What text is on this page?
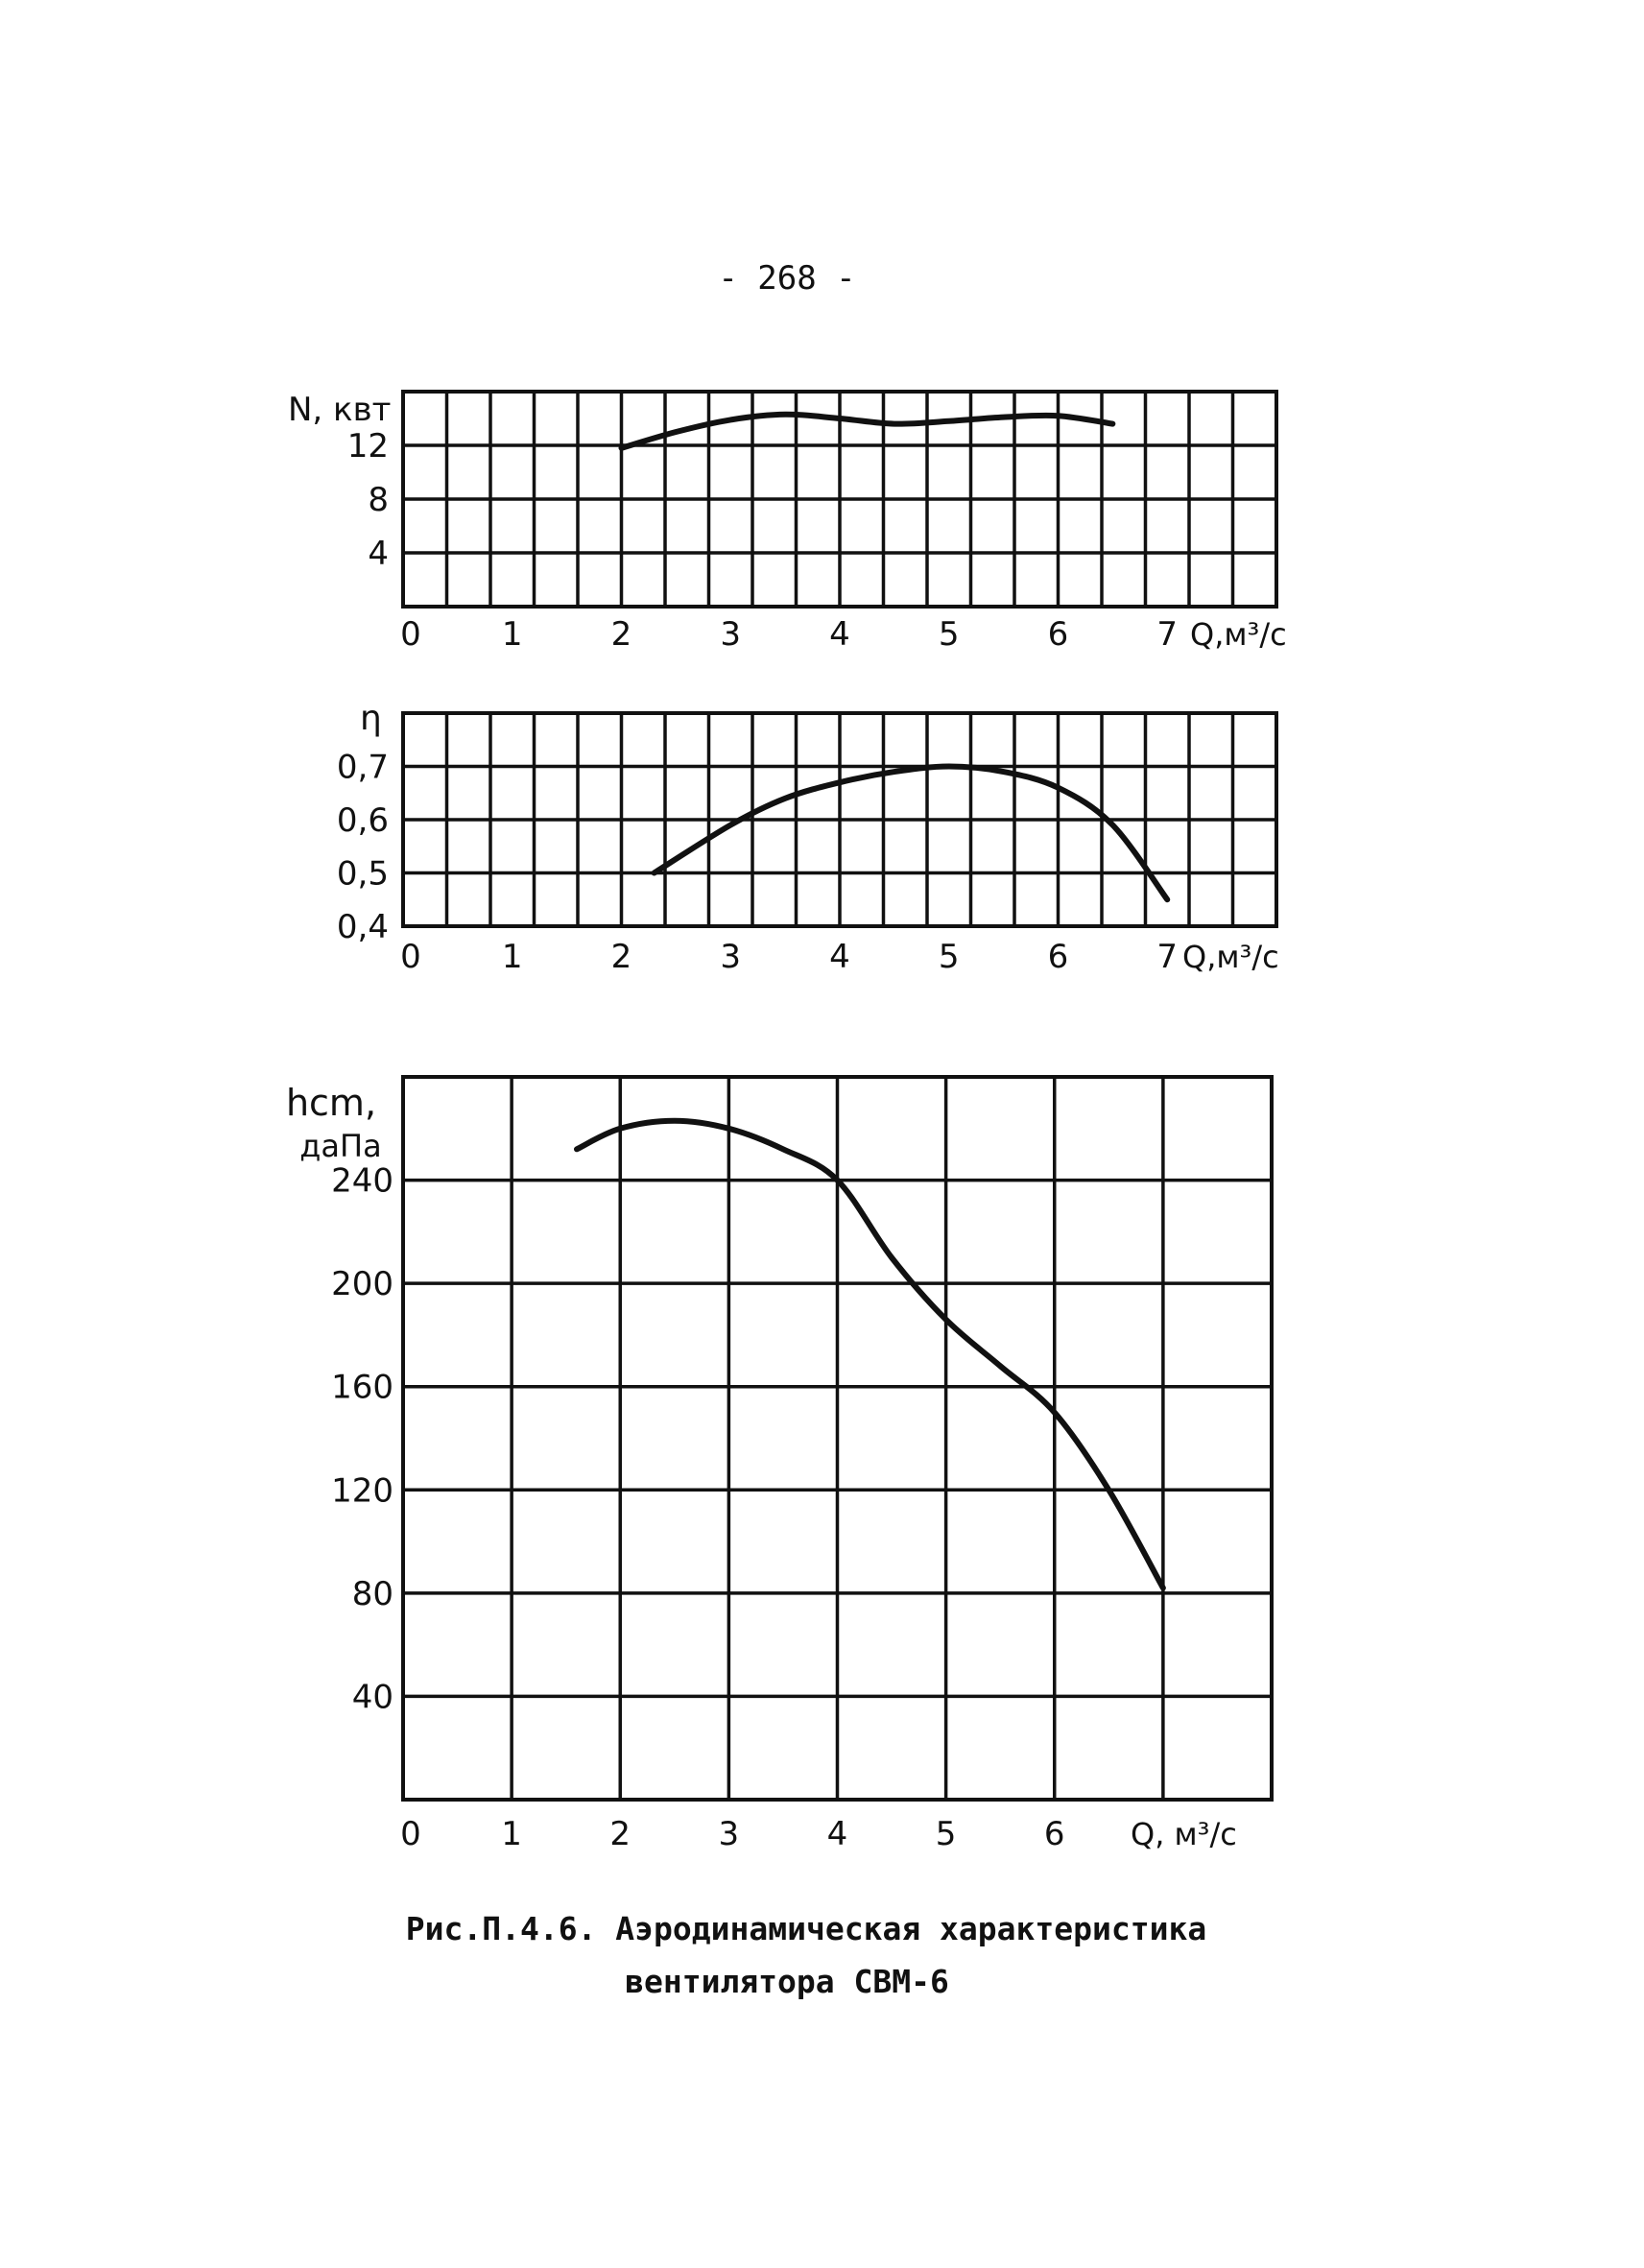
- 268 -
4
8
12
0 1	2	3	4	5	6	7
N, квт
Q,м³/с
0,4
0,5
0,6
0,7
0 1	2	3	4	5	6	7
η
Q,м³/с
40
80
120
160
200
240
0 1	2	3	4	5	6
hcm,
даПа
Q, м³/с
Рис.П.4.6. Аэродинамическая характеристика
вентилятора СВМ-6
